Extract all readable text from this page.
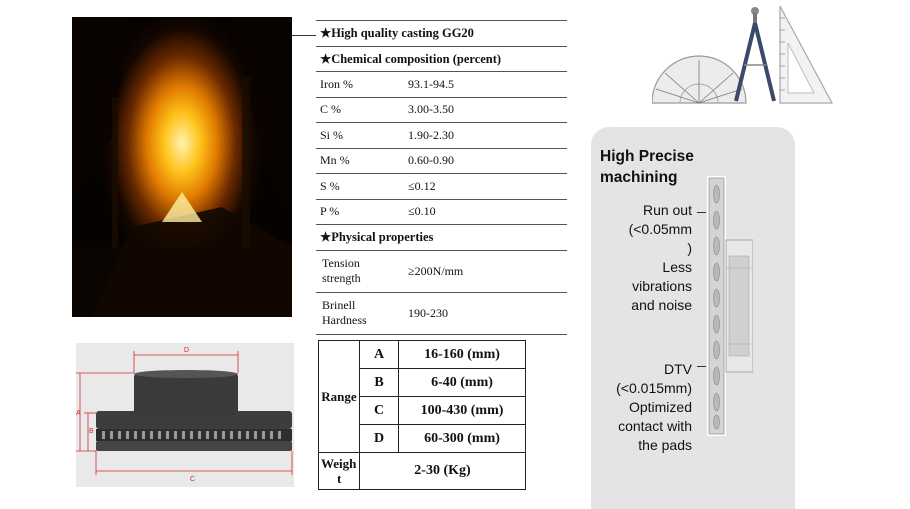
★High quality casting GG20	
★Chemical composition (percent)	
Iron %	93.1-94.5
C %	3.00-3.50
Si %	1.90-2.30
Mn %	0.60-0.90
S %	≤0.12
P %	≤0.10
★Physical properties	
Tension
strength	≥200N/mm
Brinell
Hardness	190-230
D
C
A
B
Range	A	16-160 (mm)
	B	6-40 (mm)
	C	100-430 (mm)
	D	60-300 (mm)
Weigh
t	2-30 (Kg)	
High Precise
machining
Run out
(<0.05mm
)
Less
vibrations
and noise
DTV
(<0.015mm)
Optimized
contact with
the pads
